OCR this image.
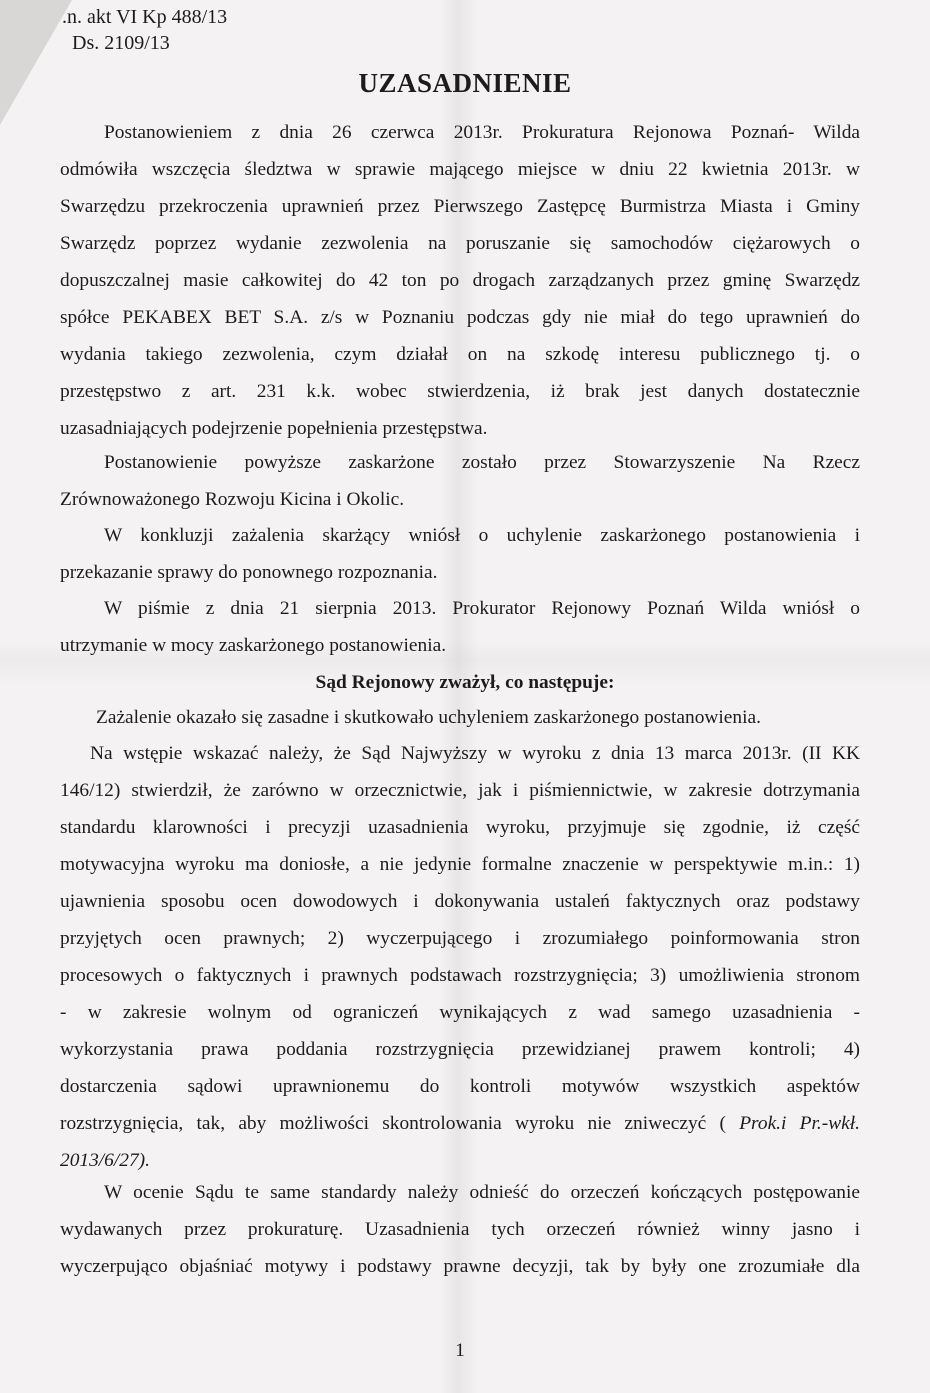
.n. akt VI Kp 488/13
Ds. 2109/13
UZASADNIENIE
Postanowieniem z dnia 26 czerwca 2013r. Prokuratura Rejonowa Poznań- Wilda
odmówiła wszczęcia śledztwa w sprawie mającego miejsce w dniu 22 kwietnia 2013r. w
Swarzędzu przekroczenia uprawnień przez Pierwszego Zastępcę Burmistrza Miasta i Gminy
Swarzędz poprzez wydanie zezwolenia na poruszanie się samochodów ciężarowych o
dopuszczalnej masie całkowitej do 42 ton po drogach zarządzanych przez gminę Swarzędz
spółce PEKABEX BET S.A. z/s w Poznaniu podczas gdy nie miał do tego uprawnień do
wydania takiego zezwolenia, czym działał on na szkodę interesu publicznego tj. o
przestępstwo z art. 231 k.k. wobec stwierdzenia, iż brak jest danych dostatecznie
uzasadniających podejrzenie popełnienia przestępstwa.
Postanowienie powyższe zaskarżone zostało przez Stowarzyszenie Na Rzecz
Zrównoważonego Rozwoju Kicina i Okolic.
W konkluzji zażalenia skarżący wniósł o uchylenie zaskarżonego postanowienia i
przekazanie sprawy do ponownego rozpoznania.
W piśmie z dnia 21 sierpnia 2013. Prokurator Rejonowy Poznań Wilda wniósł o
utrzymanie w mocy zaskarżonego postanowienia.
Sąd Rejonowy zważył, co następuje:
Zażalenie okazało się zasadne i skutkowało uchyleniem zaskarżonego postanowienia.
Na wstępie wskazać należy, że Sąd Najwyższy w wyroku z dnia 13 marca 2013r. (II KK
146/12) stwierdził, że zarówno w orzecznictwie, jak i piśmiennictwie, w zakresie dotrzymania
standardu klarowności i precyzji uzasadnienia wyroku, przyjmuje się zgodnie, iż część
motywacyjna wyroku ma doniosłe, a nie jedynie formalne znaczenie w perspektywie m.in.: 1)
ujawnienia sposobu ocen dowodowych i dokonywania ustaleń faktycznych oraz podstawy
przyjętych ocen prawnych; 2) wyczerpującego i zrozumiałego poinformowania stron
procesowych o faktycznych i prawnych podstawach rozstrzygnięcia; 3) umożliwienia stronom
- w zakresie wolnym od ograniczeń wynikających z wad samego uzasadnienia -
wykorzystania prawa poddania rozstrzygnięcia przewidzianej prawem kontroli; 4)
dostarczenia sądowi uprawnionemu do kontroli motywów wszystkich aspektów
rozstrzygnięcia, tak, aby możliwości skontrolowania wyroku nie zniweczyć ( Prok.i Pr.-wkł.
2013/6/27).
W ocenie Sądu te same standardy należy odnieść do orzeczeń kończących postępowanie
wydawanych przez prokuraturę. Uzasadnienia tych orzeczeń również winny jasno i
wyczerpująco objaśniać motywy i podstawy prawne decyzji, tak by były one zrozumiałe dla
1
